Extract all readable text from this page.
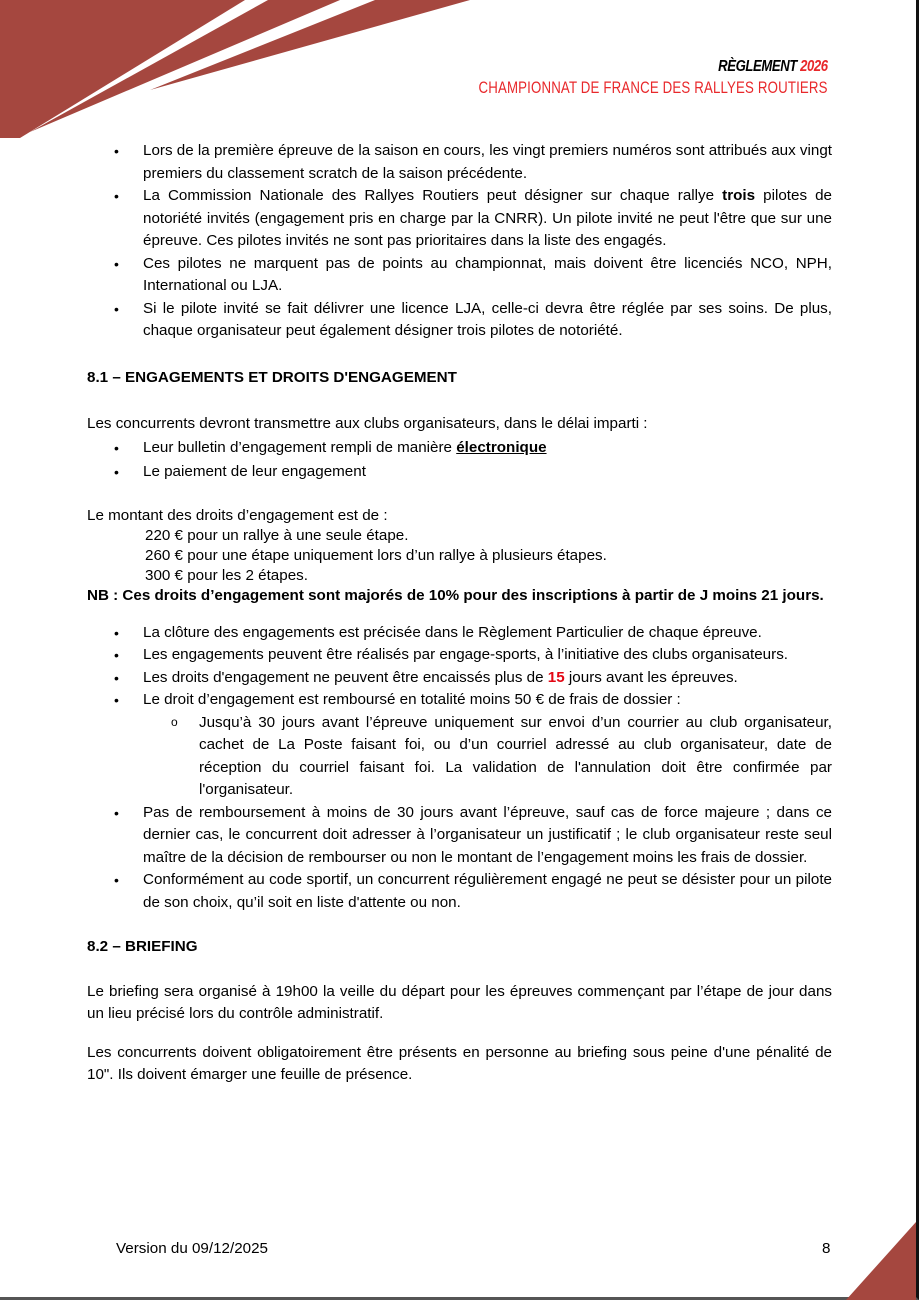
RÈGLEMENT 2026
CHAMPIONNAT DE FRANCE DES RALLYES ROUTIERS
• Lors de la première épreuve de la saison en cours, les vingt premiers numéros sont attribués aux vingt premiers du classement scratch de la saison précédente.
• La Commission Nationale des Rallyes Routiers peut désigner sur chaque rallye trois pilotes de notoriété invités (engagement pris en charge par la CNRR). Un pilote invité ne peut l'être que sur une épreuve. Ces pilotes invités ne sont pas prioritaires dans la liste des engagés.
• Ces pilotes ne marquent pas de points au championnat, mais doivent être licenciés NCO, NPH, International ou LJA.
• Si le pilote invité se fait délivrer une licence LJA, celle-ci devra être réglée par ses soins. De plus, chaque organisateur peut également désigner trois pilotes de notoriété.

8.1 – ENGAGEMENTS ET DROITS D'ENGAGEMENT

Les concurrents devront transmettre aux clubs organisateurs, dans le délai imparti :

• Leur bulletin d’engagement rempli de manière électronique
• Le paiement de leur engagement

Le montant des droits d’engagement est de :

220 € pour un rallye à une seule étape.

260 € pour une étape uniquement lors d’un rallye à plusieurs étapes.

300 € pour les 2 étapes.

NB : Ces droits d’engagement sont majorés de 10% pour des inscriptions à partir de J moins 21 jours.

• La clôture des engagements est précisée dans le Règlement Particulier de chaque épreuve.
• Les engagements peuvent être réalisés par engage-sports, à l’initiative des clubs organisateurs.
• Les droits d'engagement ne peuvent être encaissés plus de 15 jours avant les épreuves.
• Le droit d’engagement est remboursé en totalité moins 50 € de frais de dossier :
o Jusqu’à 30 jours avant l’épreuve uniquement sur envoi d’un courrier au club organisateur, cachet de La Poste faisant foi, ou d’un courriel adressé au club organisateur, date de réception du courriel faisant foi. La validation de l'annulation doit être confirmée par l'organisateur.
• Pas de remboursement à moins de 30 jours avant l’épreuve, sauf cas de force majeure ; dans ce dernier cas, le concurrent doit adresser à l’organisateur un justificatif ; le club organisateur reste seul maître de la décision de rembourser ou non le montant de l’engagement moins les frais de dossier.
• Conformément au code sportif, un concurrent régulièrement engagé ne peut se désister pour un pilote de son choix, qu’il soit en liste d'attente ou non.

8.2 – BRIEFING

Le briefing sera organisé à 19h00 la veille du départ pour les épreuves commençant par l’étape de jour dans un lieu précisé lors du contrôle administratif.

Les concurrents doivent obligatoirement être présents en personne au briefing sous peine d'une pénalité de 10". Ils doivent émarger une feuille de présence.

Version du 09/12/2025	8
